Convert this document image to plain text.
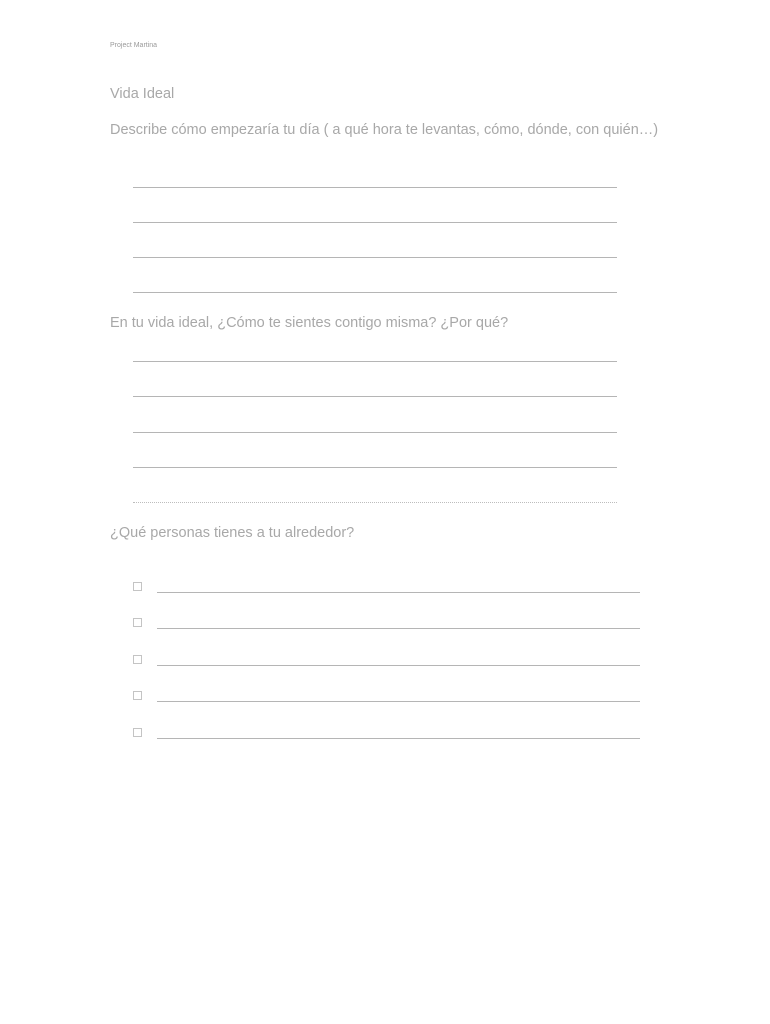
Project Martina
Vida Ideal
Describe cómo empezaría tu día ( a qué hora te levantas, cómo, dónde, con quién…)
En tu vida ideal, ¿Cómo te sientes contigo misma? ¿Por qué?
¿Qué personas tienes a tu alrededor?
